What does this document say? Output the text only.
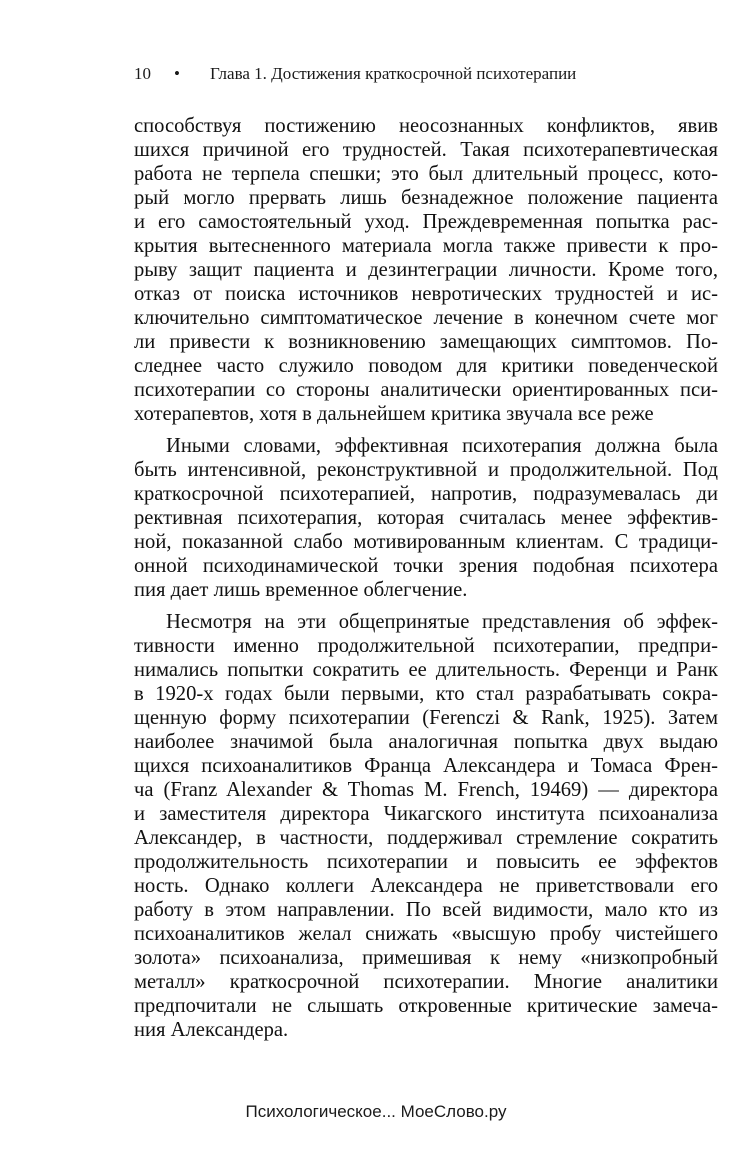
10 • Глава 1. Достижения краткосрочной психотерапии
способствуя постижению неосознанных конфликтов, явив
шихся причиной его трудностей. Такая психотерапевтическая
работа не терпела спешки; это был длительный процесс, кото-
рый могло прервать лишь безнадежное положение пациента
и его самостоятельный уход. Преждевременная попытка рас-
крытия вытесненного материала могла также привести к про-
рыву защит пациента и дезинтеграции личности. Кроме того,
отказ от поиска источников невротических трудностей и ис-
ключительно симптоматическое лечение в конечном счете мог
ли привести к возникновению замещающих симптомов. По-
следнее часто служило поводом для критики поведенческой
психотерапии со стороны аналитически ориентированных пси-
хотерапевтов, хотя в дальнейшем критика звучала все реже
Иными словами, эффективная психотерапия должна была
быть интенсивной, реконструктивной и продолжительной. Под
краткосрочной психотерапией, напротив, подразумевалась ди
рективная психотерапия, которая считалась менее эффектив-
ной, показанной слабо мотивированным клиентам. С традици-
онной психодинамической точки зрения подобная психотера
пия дает лишь временное облегчение.
Несмотря на эти общепринятые представления об эффек-
тивности именно продолжительной психотерапии, предпри-
нимались попытки сократить ее длительность. Ференци и Ранк
в 1920-х годах были первыми, кто стал разрабатывать сокра-
щенную форму психотерапии (Ferenczi & Rank, 1925). Затем
наиболее значимой была аналогичная попытка двух выдаю
щихся психоаналитиков Франца Александера и Томаса Френ-
ча (Franz Alexander & Thomas M. French, 19469) — директора
и заместителя директора Чикагского института психоанализа
Александер, в частности, поддерживал стремление сократить
продолжительность психотерапии и повысить ее эффектов
ность. Однако коллеги Александера не приветствовали его
работу в этом направлении. По всей видимости, мало кто из
психоаналитиков желал снижать «высшую пробу чистейшего
золота» психоанализа, примешивая к нему «низкопробный
металл» краткосрочной психотерапии. Многие аналитики
предпочитали не слышать откровенные критические замеча-
ния Александера.
Психологическое... МоеСлово.ру
